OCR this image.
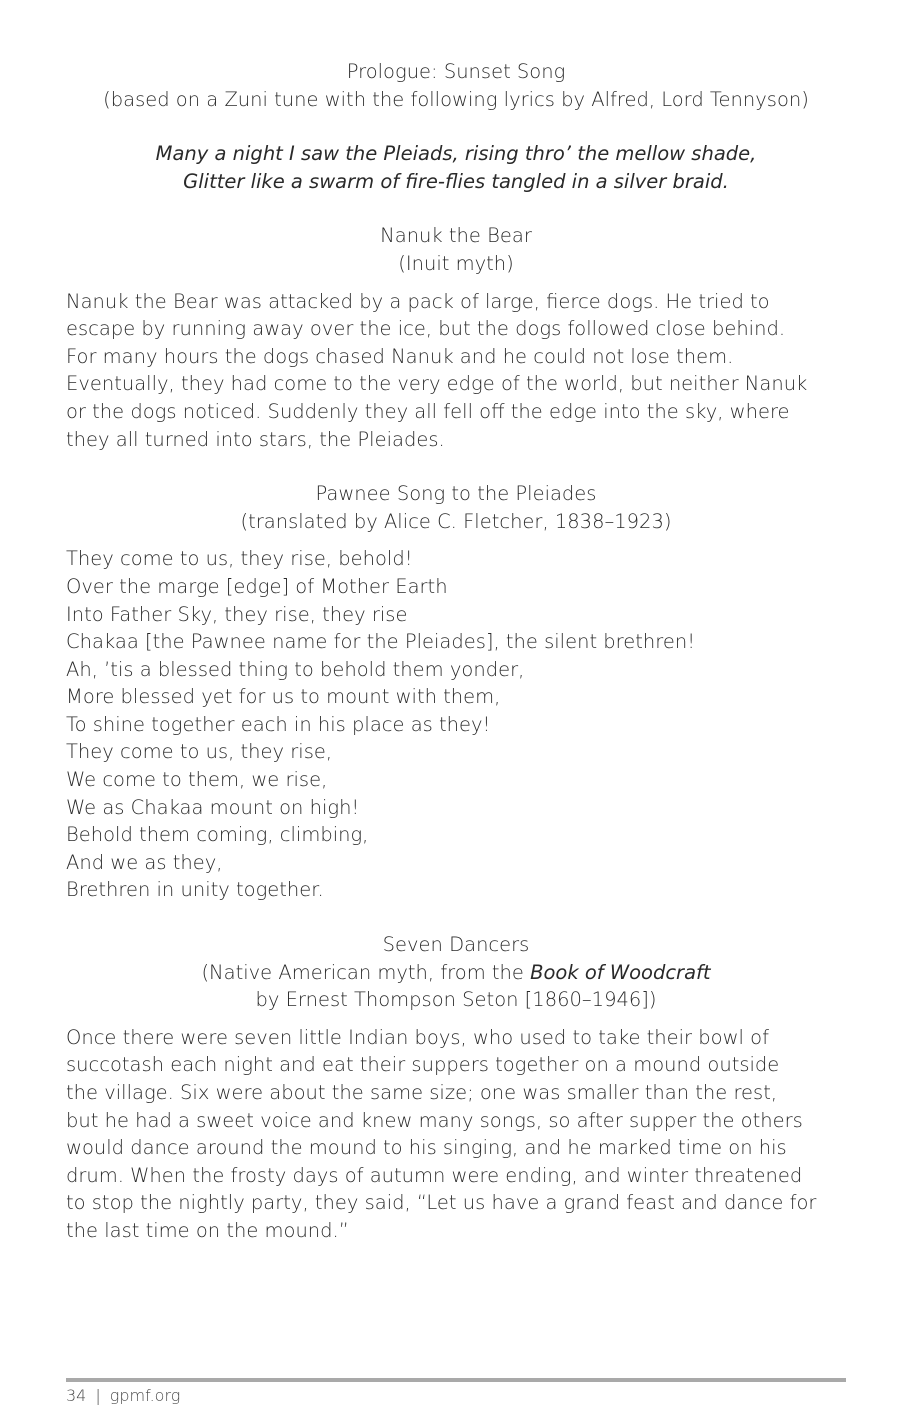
Prologue: Sunset Song
(based on a Zuni tune with the following lyrics by Alfred, Lord Tennyson)
Many a night I saw the Pleiads, rising thro’ the mellow shade,
Glitter like a swarm of fire-flies tangled in a silver braid.
Nanuk the Bear
(Inuit myth)
Nanuk the Bear was attacked by a pack of large, fierce dogs. He tried to
escape by running away over the ice, but the dogs followed close behind.
For many hours the dogs chased Nanuk and he could not lose them.
Eventually, they had come to the very edge of the world, but neither Nanuk
or the dogs noticed. Suddenly they all fell off the edge into the sky, where
they all turned into stars, the Pleiades.
Pawnee Song to the Pleiades
(translated by Alice C. Fletcher, 1838–1923)
They come to us, they rise, behold!
Over the marge [edge] of Mother Earth
Into Father Sky, they rise, they rise
Chakaa [the Pawnee name for the Pleiades], the silent brethren!
Ah, ’tis a blessed thing to behold them yonder,
More blessed yet for us to mount with them,
To shine together each in his place as they!
They come to us, they rise,
We come to them, we rise,
We as Chakaa mount on high!
Behold them coming, climbing,
And we as they,
Brethren in unity together.
Seven Dancers
(Native American myth, from the Book of Woodcraft
by Ernest Thompson Seton [1860–1946])
Once there were seven little Indian boys, who used to take their bowl of
succotash each night and eat their suppers together on a mound outside
the village. Six were about the same size; one was smaller than the rest,
but he had a sweet voice and knew many songs, so after supper the others
would dance around the mound to his singing, and he marked time on his
drum. When the frosty days of autumn were ending, and winter threatened
to stop the nightly party, they said, “Let us have a grand feast and dance for
the last time on the mound.”
34 | gpmf.org
